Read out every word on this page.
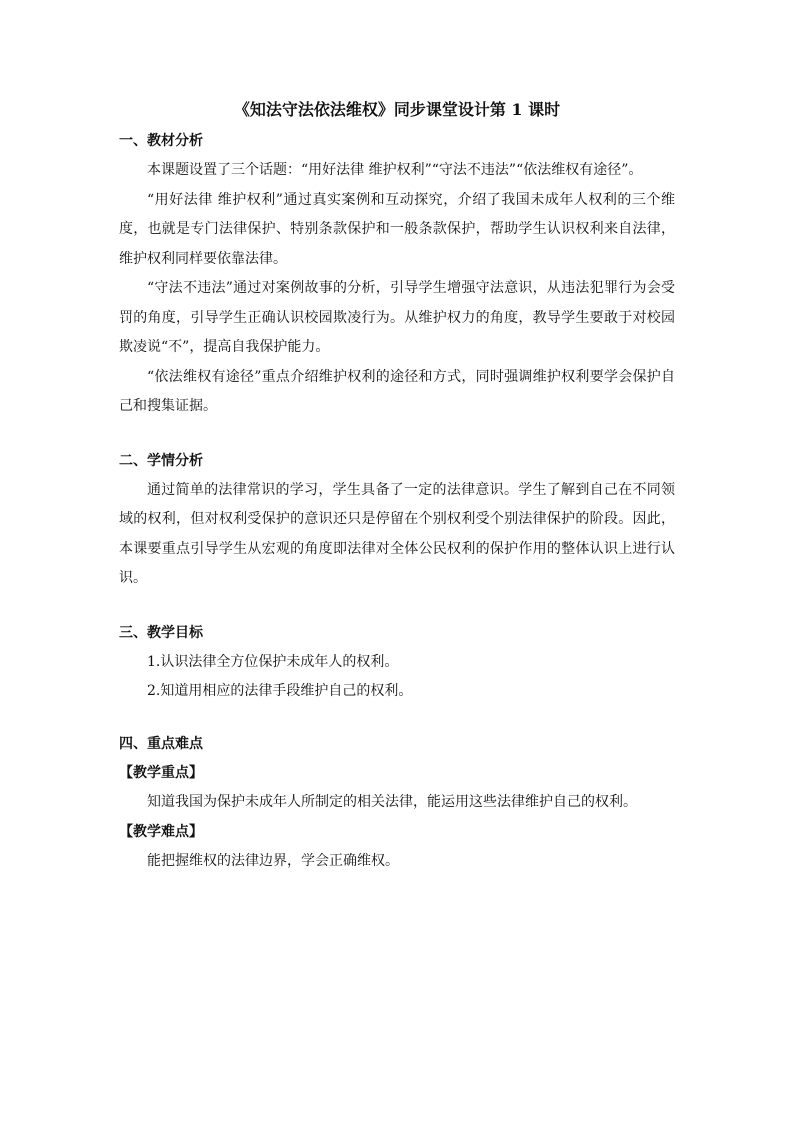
《知法守法依法维权》同步课堂设计第 1 课时
一、教材分析

本课题设置了三个话题：“用好法律 维护权利”“守法不违法”“依法维权有途径”。

“用好法律 维护权利”通过真实案例和互动探究，介绍了我国未成年人权利的三个维度，也就是专门法律保护、特别条款保护和一般条款保护，帮助学生认识权利来自法律，维护权利同样要依靠法律。

“守法不违法”通过对案例故事的分析，引导学生增强守法意识，从违法犯罪行为会受罚的角度，引导学生正确认识校园欺凌行为。从维护权力的角度，教导学生要敢于对校园欺凌说“不”，提高自我保护能力。

“依法维权有途径”重点介绍维护权利的途径和方式，同时强调维护权利要学会保护自己和搜集证据。

二、学情分析

通过简单的法律常识的学习，学生具备了一定的法律意识。学生了解到自己在不同领域的权利，但对权利受保护的意识还只是停留在个别权利受个别法律保护的阶段。因此，本课要重点引导学生从宏观的角度即法律对全体公民权利的保护作用的整体认识上进行认识。

三、教学目标

1.认识法律全方位保护未成年人的权利。

2.知道用相应的法律手段维护自己的权利。

四、重点难点
【教学重点】

知道我国为保护未成年人所制定的相关法律，能运用这些法律维护自己的权利。

【教学难点】

能把握维权的法律边界，学会正确维权。
